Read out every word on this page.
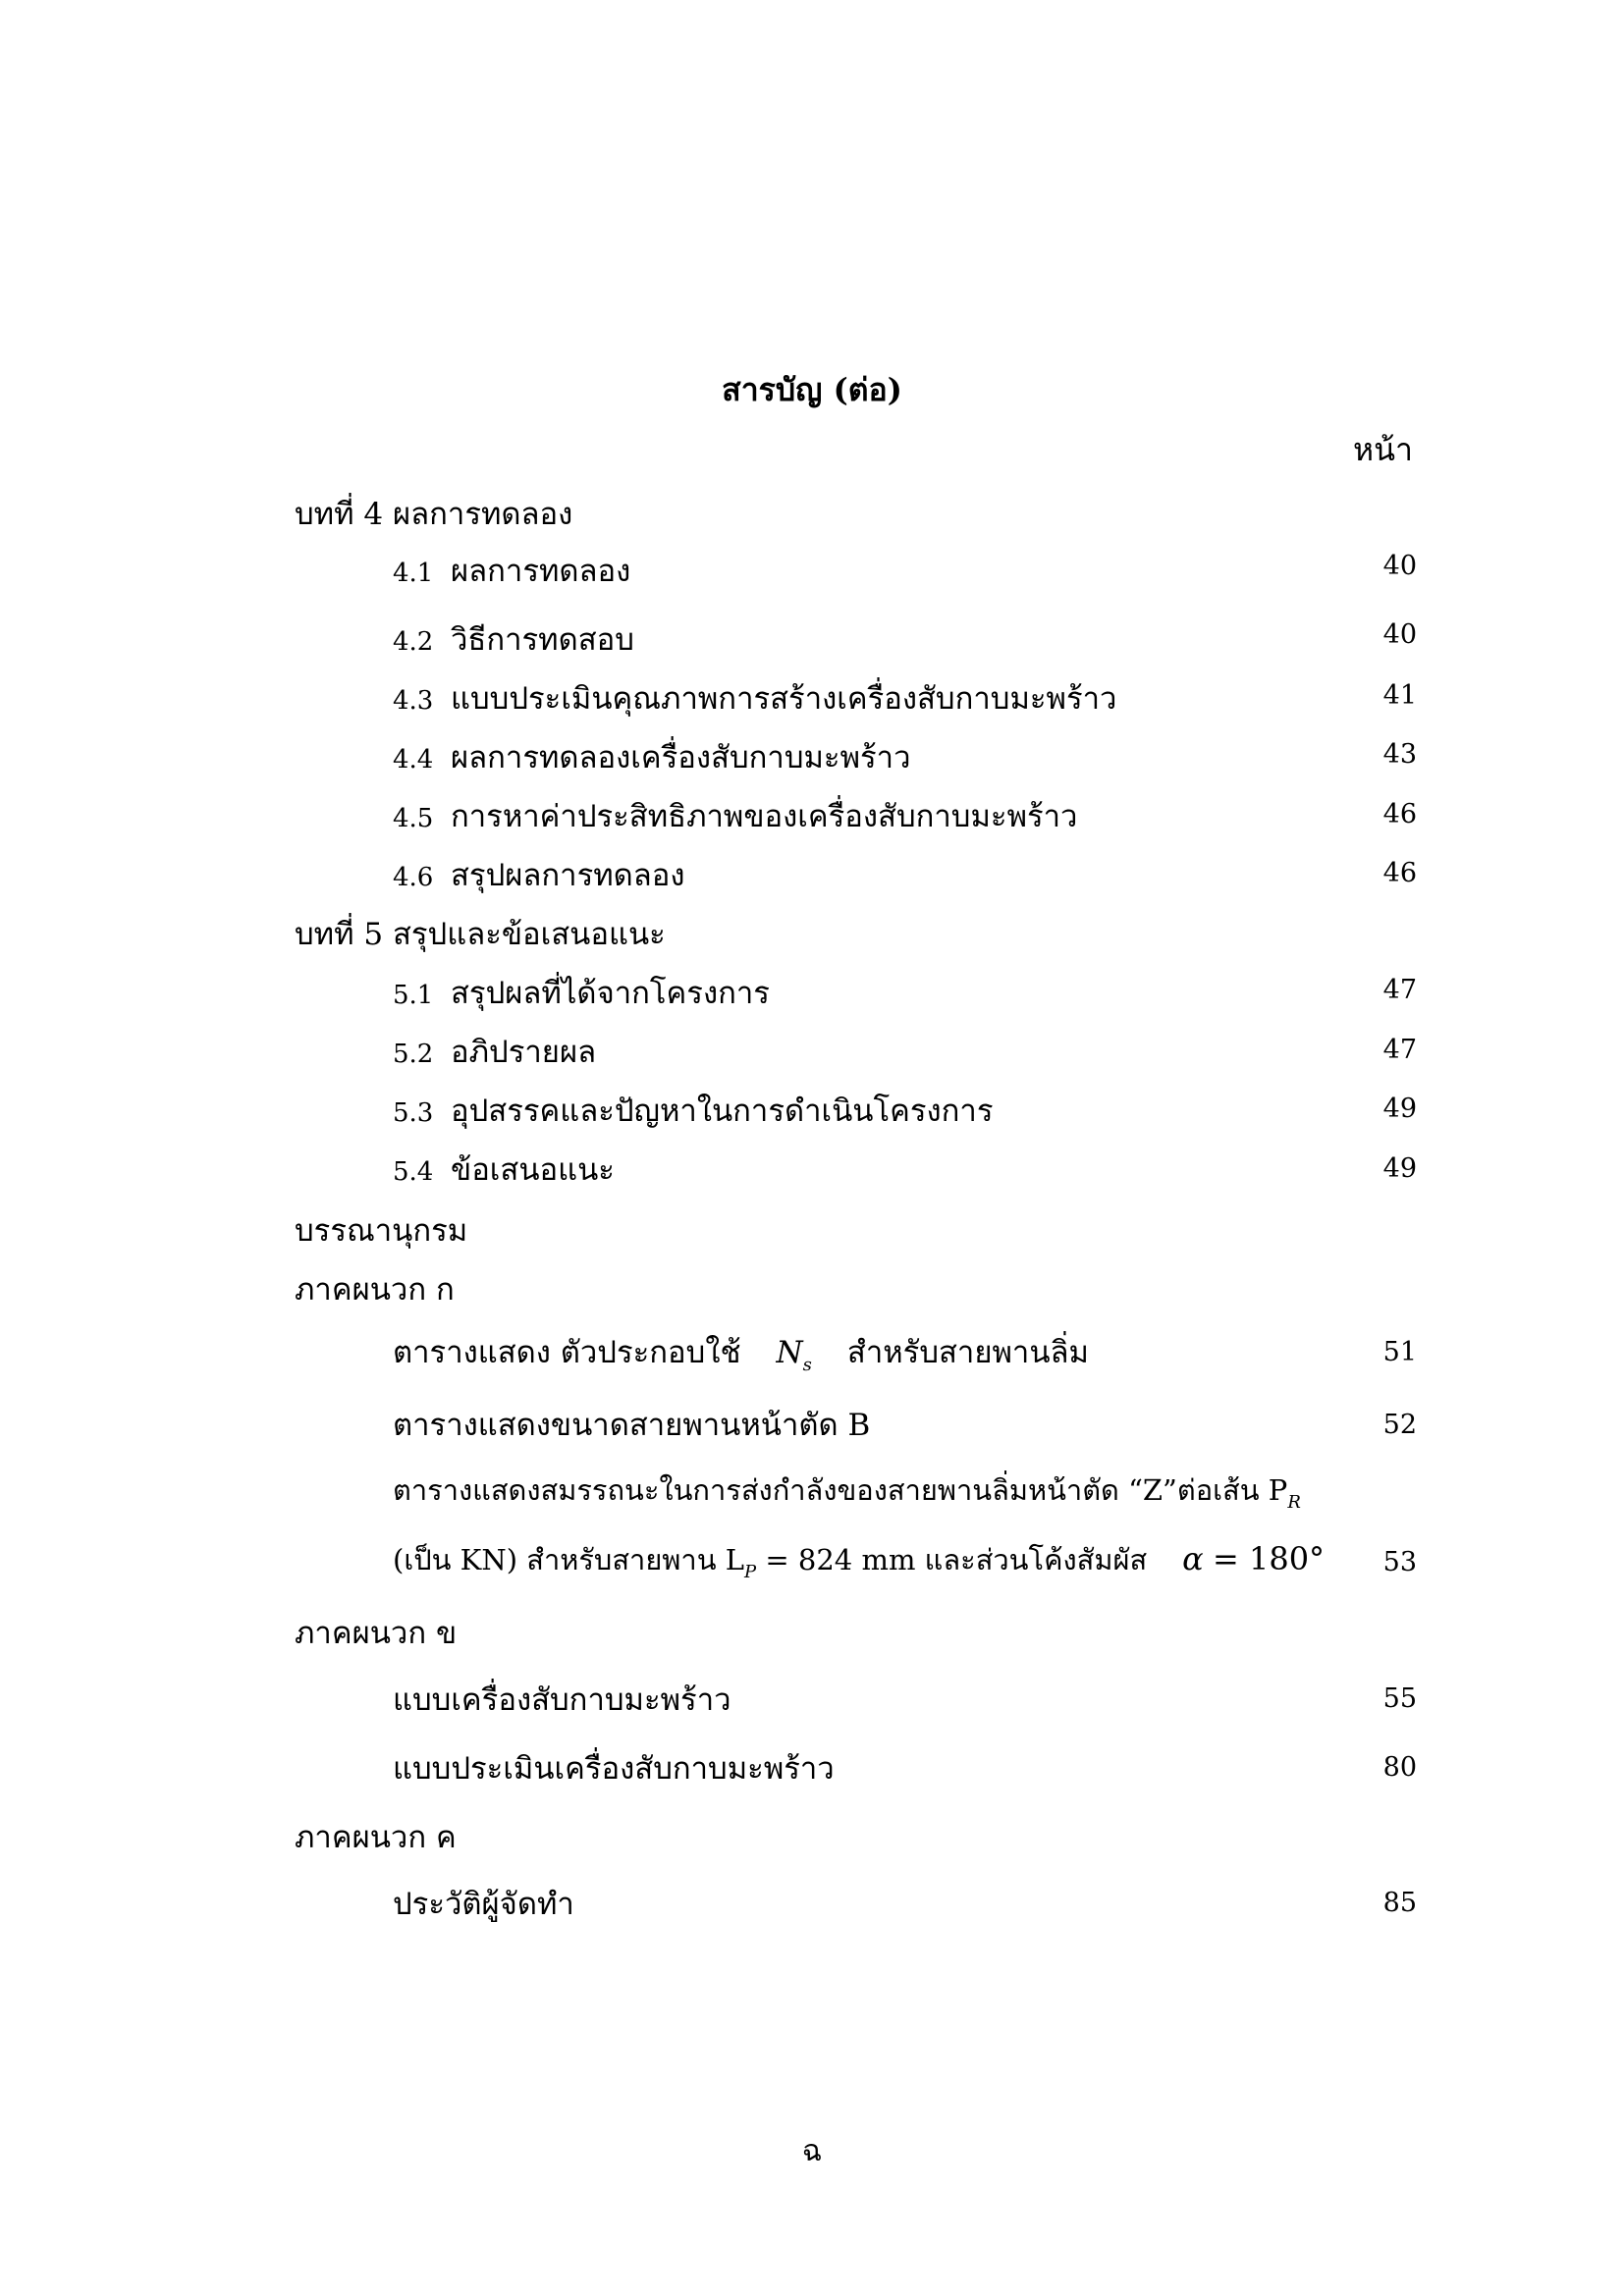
สารบัญ (ต่อ)
หน้า
บทที่ 4 ผลการทดลอง
4.1 ผลการทดลอง	40
4.2 วิธีการทดสอบ	40
4.3 แบบประเมินคุณภาพการสร้างเครื่องสับกาบมะพร้าว	41
4.4 ผลการทดลองเครื่องสับกาบมะพร้าว	43
4.5 การหาค่าประสิทธิภาพของเครื่องสับกาบมะพร้าว	46
4.6 สรุปผลการทดลอง	46
บทที่ 5 สรุปและข้อเสนอแนะ
5.1 สรุปผลที่ได้จากโครงการ	47
5.2 อภิปรายผล	47
5.3 อุปสรรคและปัญหาในการดำเนินโครงการ	49
5.4 ข้อเสนอแนะ	49
บรรณานุกรม
ภาคผนวก ก
ตารางแสดง ตัวประกอบใช้ $N_s$ สำหรับสายพานลิ่ม	51
ตารางแสดงขนาดสายพานหน้าตัด B	52
ตารางแสดงสมรรถนะในการส่งกำลังของสายพานลิ่มหน้าตัด “Z”ต่อเส้น $P_R$
(เป็น KN) สำหรับสายพาน $L_P = 824$ mm และส่วนโค้งสัมผัส α = 180° 53
ภาคผนวก ข
แบบเครื่องสับกาบมะพร้าว	55
แบบประเมินเครื่องสับกาบมะพร้าว	80
ภาคผนวก ค
ประวัติผู้จัดทำ	85
ฉ
